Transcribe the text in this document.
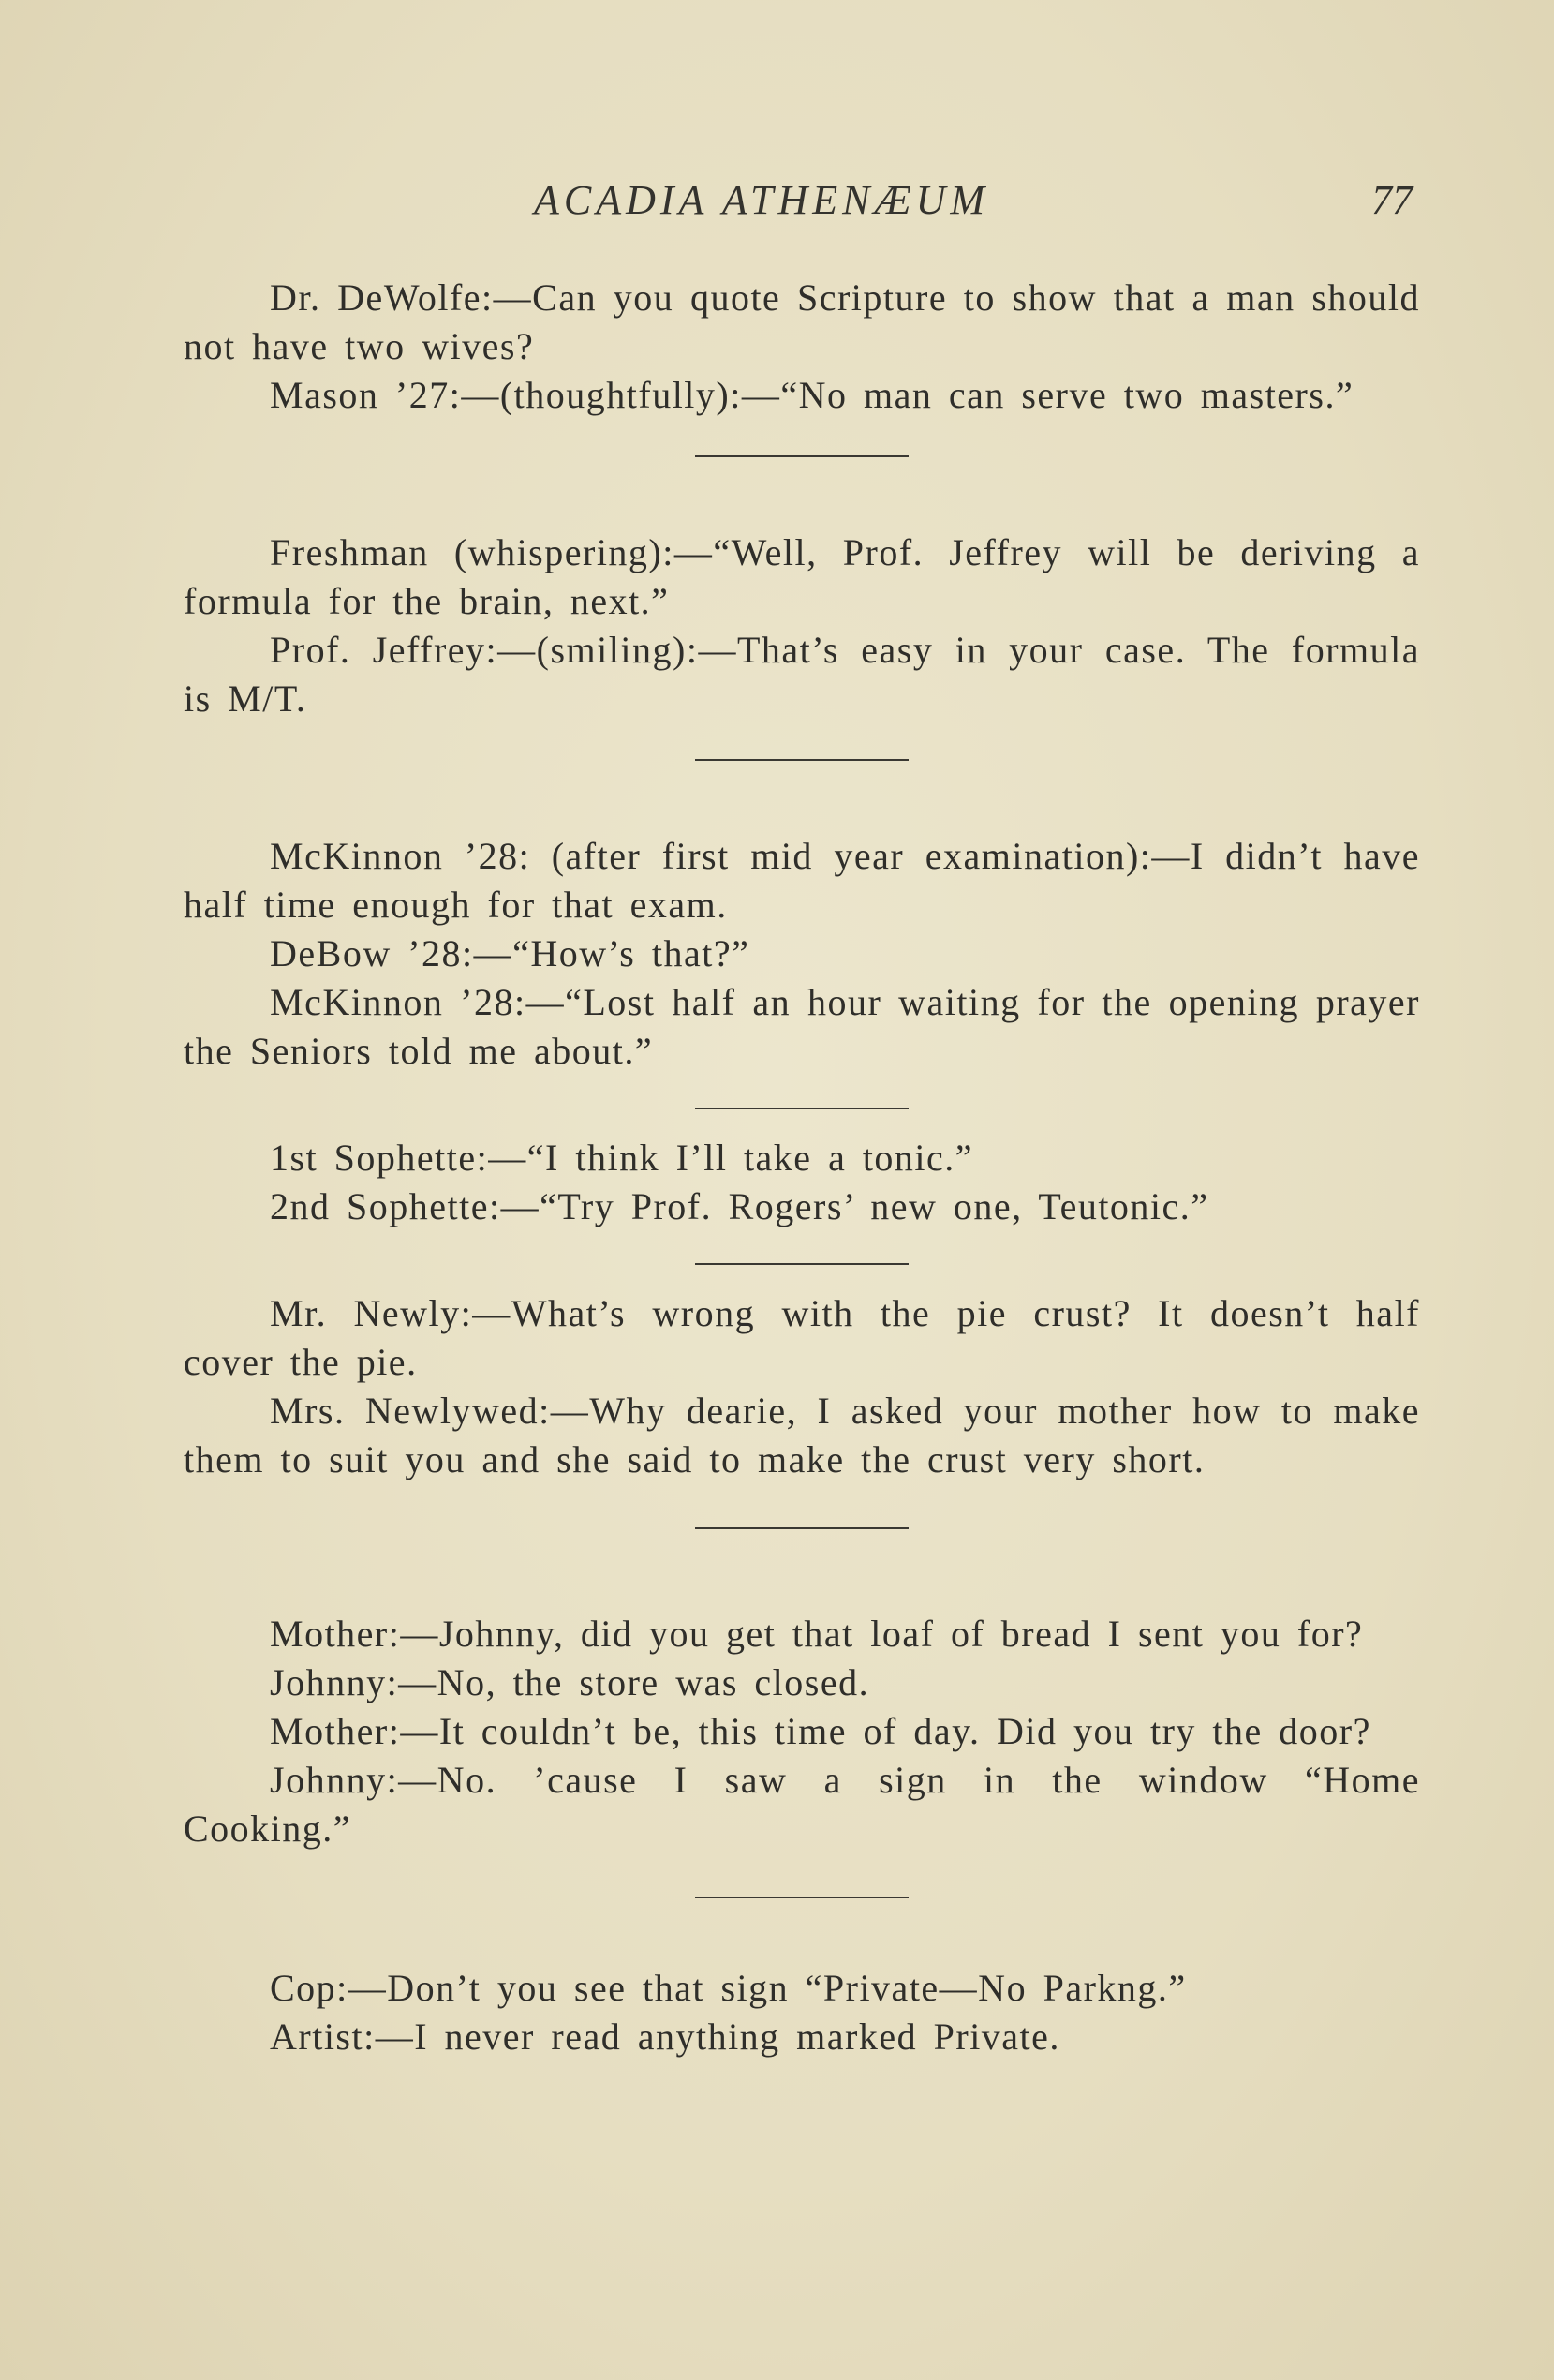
ACADIA ATHENÆUM	77

Dr. DeWolfe:—Can you quote Scripture to show that a man should not have two wives?

Mason ’27:—(thoughtfully):—“No man can serve two masters.”

Freshman (whispering):—“Well, Prof. Jeffrey will be deriving a formula for the brain, next.”

Prof. Jeffrey:—(smiling):—That’s easy in your case. The formula is M/T.

McKinnon ’28: (after first mid year examination):—I didn’t have half time enough for that exam.

DeBow ’28:—“How’s that?”

McKinnon ’28:—“Lost half an hour waiting for the opening prayer the Seniors told me about.”

1st Sophette:—“I think I’ll take a tonic.”

2nd Sophette:—“Try Prof. Rogers’ new one, Teutonic.”

Mr. Newly:—What’s wrong with the pie crust? It doesn’t half cover the pie.

Mrs. Newlywed:—Why dearie, I asked your mother how to make them to suit you and she said to make the crust very short.

Mother:—Johnny, did you get that loaf of bread I sent you for?

Johnny:—No, the store was closed.

Mother:—It couldn’t be, this time of day. Did you try the door?

Johnny:—No. ’cause I saw a sign in the window “Home Cooking.”

Cop:—Don’t you see that sign “Private—No Parkng.”

Artist:—I never read anything marked Private.
